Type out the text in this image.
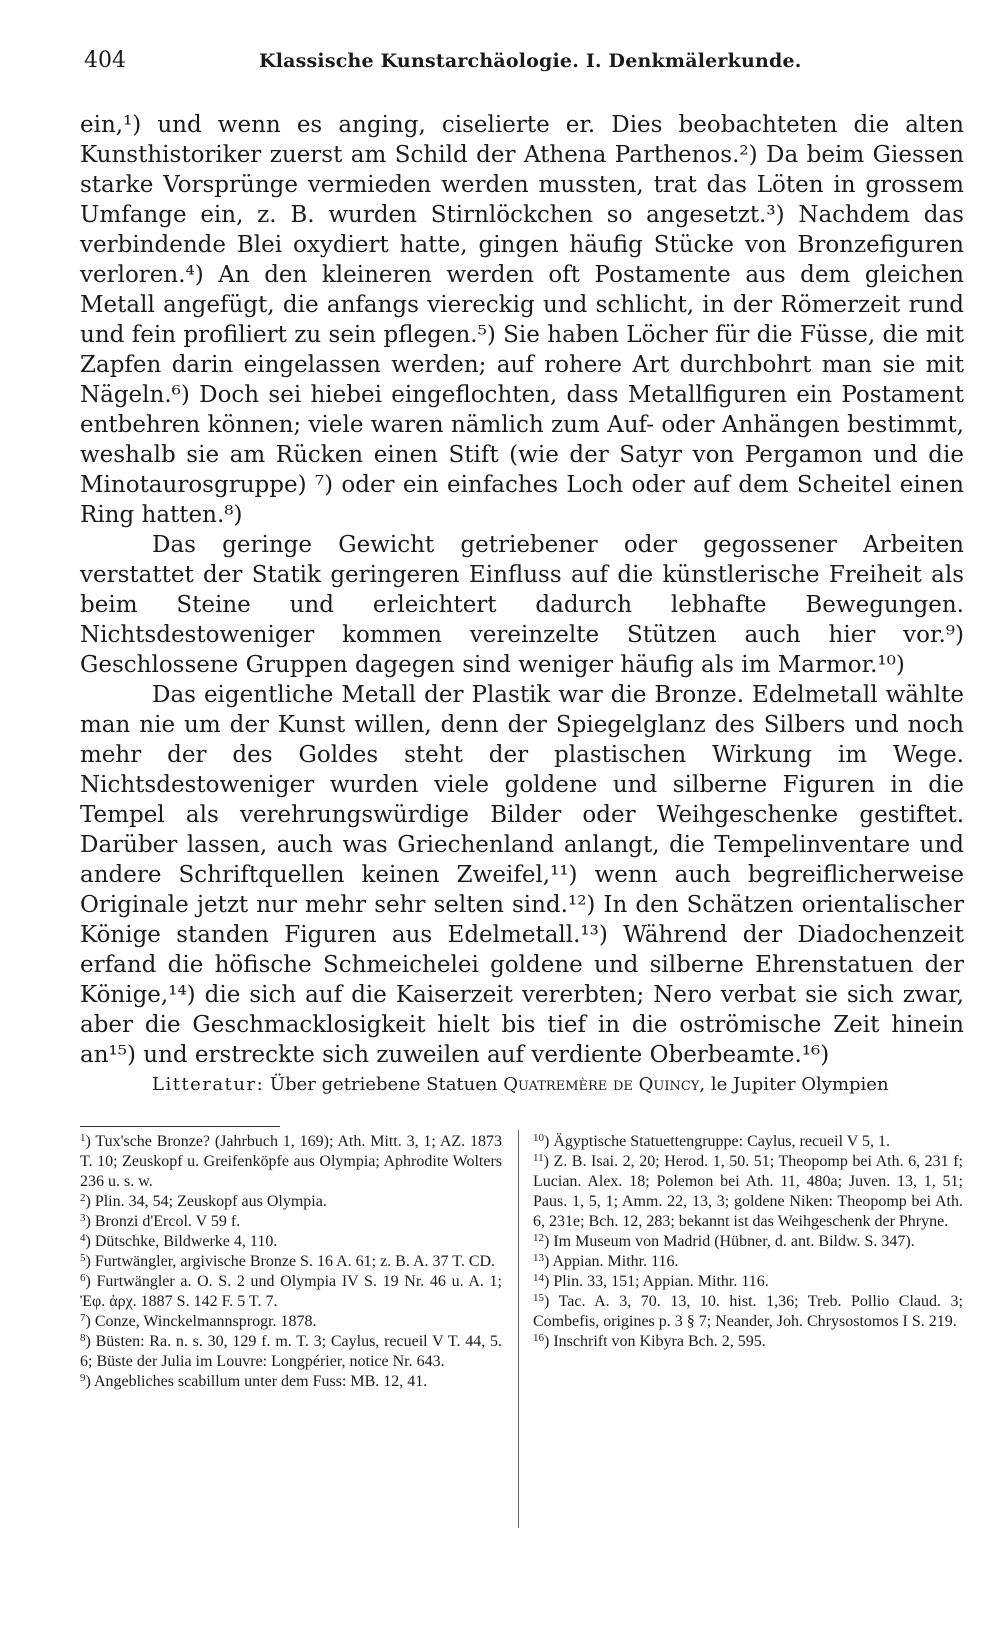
404	Klassische Kunstarchäologie. I. Denkmälerkunde.

ein,¹) und wenn es anging, ciselierte er. Dies beobachteten die alten Kunsthistoriker zuerst am Schild der Athena Parthenos.²) Da beim Giessen starke Vorsprünge vermieden werden mussten, trat das Löten in grossem Umfange ein, z. B. wurden Stirnlöckchen so angesetzt.³) Nachdem das verbindende Blei oxydiert hatte, gingen häufig Stücke von Bronzefiguren verloren.⁴) An den kleineren werden oft Postamente aus dem gleichen Metall angefügt, die anfangs viereckig und schlicht, in der Römerzeit rund und fein profiliert zu sein pflegen.⁵) Sie haben Löcher für die Füsse, die mit Zapfen darin eingelassen werden; auf rohere Art durchbohrt man sie mit Nägeln.⁶) Doch sei hiebei eingeflochten, dass Metallfiguren ein Postament entbehren können; viele waren nämlich zum Auf- oder Anhängen bestimmt, weshalb sie am Rücken einen Stift (wie der Satyr von Pergamon und die Minotaurosgruppe) ⁷) oder ein einfaches Loch oder auf dem Scheitel einen Ring hatten.⁸)

Das geringe Gewicht getriebener oder gegossener Arbeiten verstattet der Statik geringeren Einfluss auf die künstlerische Freiheit als beim Steine und erleichtert dadurch lebhafte Bewegungen. Nichtsdestoweniger kommen vereinzelte Stützen auch hier vor.⁹) Geschlossene Gruppen dagegen sind weniger häufig als im Marmor.¹⁰)

Das eigentliche Metall der Plastik war die Bronze. Edelmetall wählte man nie um der Kunst willen, denn der Spiegelglanz des Silbers und noch mehr der des Goldes steht der plastischen Wirkung im Wege. Nichtsdestoweniger wurden viele goldene und silberne Figuren in die Tempel als verehrungswürdige Bilder oder Weihgeschenke gestiftet. Darüber lassen, auch was Griechenland anlangt, die Tempelinventare und andere Schriftquellen keinen Zweifel,¹¹) wenn auch begreiflicherweise Originale jetzt nur mehr sehr selten sind.¹²) In den Schätzen orientalischer Könige standen Figuren aus Edelmetall.¹³) Während der Diadochenzeit erfand die höfische Schmeichelei goldene und silberne Ehrenstatuen der Könige,¹⁴) die sich auf die Kaiserzeit vererbten; Nero verbat sie sich zwar, aber die Geschmacklosigkeit hielt bis tief in die oströmische Zeit hinein an¹⁵) und erstreckte sich zuweilen auf verdiente Oberbeamte.¹⁶)

Litteratur: Über getriebene Statuen Quatremère de Quincy, le Jupiter Olympien

$^1$) Tux'sche Bronze? (Jahrbuch 1, 169); Ath. Mitt. 3, 1; AZ. 1873 T. 10; Zeuskopf u. Greifenköpfe aus Olympia; Aphrodite Wolters 236 u. s. w.

$^2$) Plin. 34, 54; Zeuskopf aus Olympia.

$^3$) Bronzi d'Ercol. V 59 f.

$^4$) Dütschke, Bildwerke 4, 110.

$^5$) Furtwängler, argivische Bronze S. 16 A. 61; z. B. A. 37 T. CD.

$^6$) Furtwängler a. O. S. 2 und Olympia IV S. 19 Nr. 46 u. A. 1; Ἐφ. ἀρχ. 1887 S. 142 F. 5 T. 7.

$^7$) Conze, Winckelmannsprogr. 1878.

$^8$) Büsten: Ra. n. s. 30, 129 f. m. T. 3; Caylus, recueil V T. 44, 5. 6; Büste der Julia im Louvre: Longpérier, notice Nr. 643.

$^9$) Angebliches scabillum unter dem Fuss: MB. 12, 41.

$^{10}$) Ägyptische Statuettengruppe: Caylus, recueil V 5, 1.

$^{11}$) Z. B. Isai. 2, 20; Herod. 1, 50. 51; Theopomp bei Ath. 6, 231 f; Lucian. Alex. 18; Polemon bei Ath. 11, 480a; Juven. 13, 1, 51; Paus. 1, 5, 1; Amm. 22, 13, 3; goldene Niken: Theopomp bei Ath. 6, 231e; Bch. 12, 283; bekannt ist das Weihgeschenk der Phryne.

$^{12}$) Im Museum von Madrid (Hübner, d. ant. Bildw. S. 347).

$^{13}$) Appian. Mithr. 116.

$^{14}$) Plin. 33, 151; Appian. Mithr. 116.

$^{15}$) Tac. A. 3, 70. 13, 10. hist. 1,36; Treb. Pollio Claud. 3; Combefis, origines p. 3 § 7; Neander, Joh. Chrysostomos I S. 219.

$^{16}$) Inschrift von Kibyra Bch. 2, 595.
